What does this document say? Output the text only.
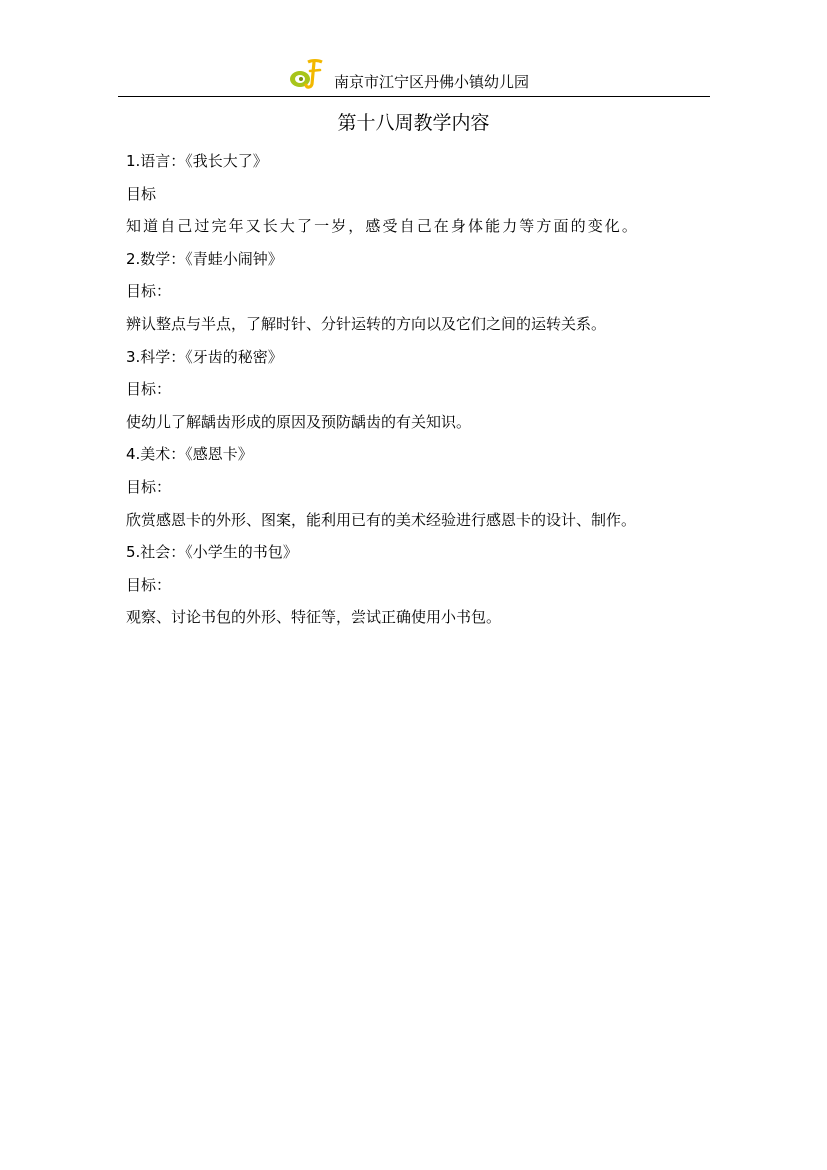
南京市江宁区丹佛小镇幼儿园
第十八周教学内容
1.语言：《我长大了》
目标
知道自己过完年又长大了一岁，感受自己在身体能力等方面的变化。
2.数学：《青蛙小闹钟》
目标：
辨认整点与半点，了解时针、分针运转的方向以及它们之间的运转关系。
3.科学：《牙齿的秘密》
目标：
使幼儿了解龋齿形成的原因及预防龋齿的有关知识。
4.美术：《感恩卡》
目标：
欣赏感恩卡的外形、图案，能利用已有的美术经验进行感恩卡的设计、制作。
5.社会：《小学生的书包》
目标：
观察、讨论书包的外形、特征等，尝试正确使用小书包。
